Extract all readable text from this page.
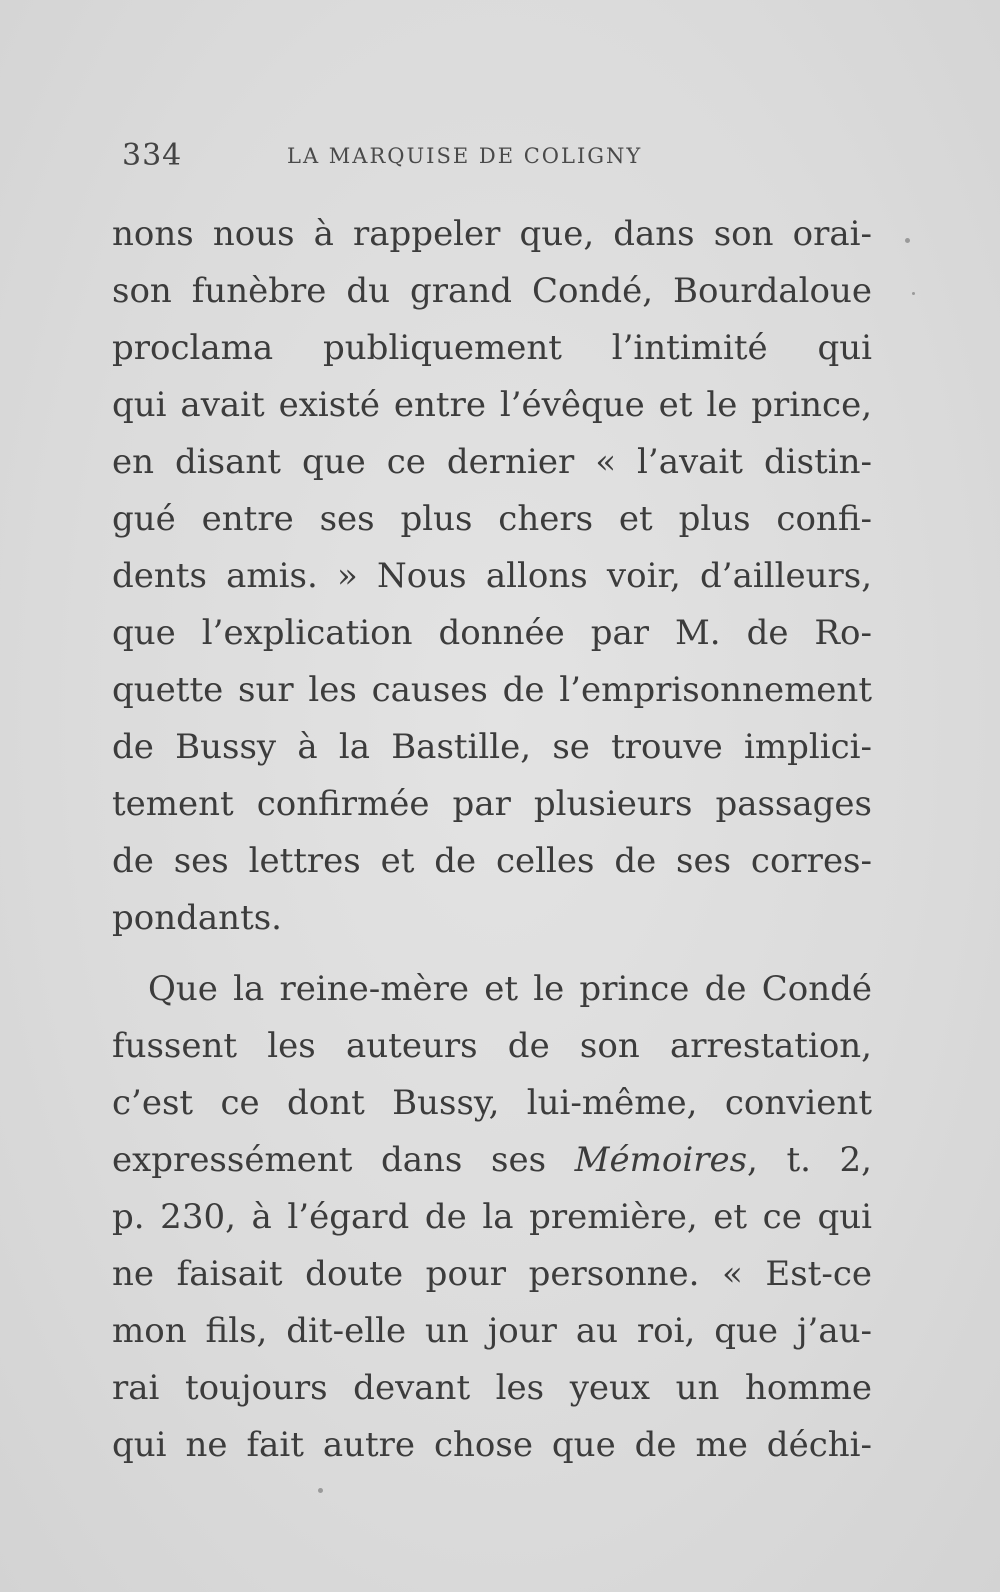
334	LA MARQUISE DE COLIGNY
nons nous à rappeler que, dans son orai-
son funèbre du grand Condé, Bourdaloue
proclama publiquement l’intimité qui
qui avait existé entre l’évêque et le prince,
en disant que ce dernier « l’avait distin-
gué entre ses plus chers et plus confi-
dents amis. » Nous allons voir, d’ailleurs,
que l’explication donnée par M. de Ro-
quette sur les causes de l’emprisonnement
de Bussy à la Bastille, se trouve implici-
tement confirmée par plusieurs passages
de ses lettres et de celles de ses corres-
pondants.
Que la reine-mère et le prince de Condé
fussent les auteurs de son arrestation,
c’est ce dont Bussy, lui-même, convient
expressément dans ses Mémoires, t. 2,
p. 230, à l’égard de la première, et ce qui
ne faisait doute pour personne. « Est-ce
mon fils, dit-elle un jour au roi, que j’au-
rai toujours devant les yeux un homme
qui ne fait autre chose que de me déchi-
